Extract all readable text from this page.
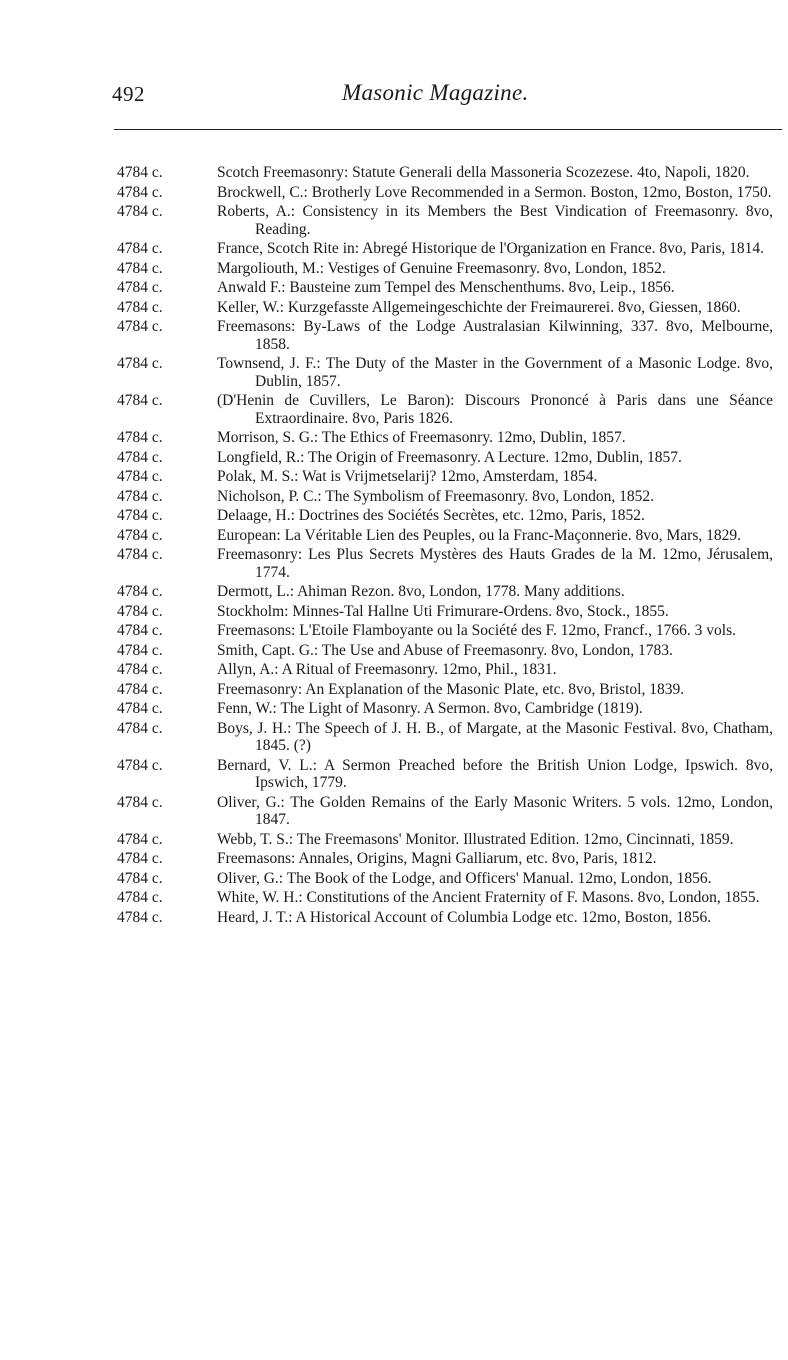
492	Masonic Magazine.
4784 c.	Scotch Freemasonry: Statute Generali della Massoneria Scozezese. 4to, Napoli, 1820.
4784 c.	Brockwell, C.: Brotherly Love Recommended in a Sermon. Boston, 12mo, Boston, 1750.
4784 c.	Roberts, A.: Consistency in its Members the Best Vindication of Freemasonry. 8vo, Reading.
4784 c.	France, Scotch Rite in: Abregé Historique de l'Organization en France. 8vo, Paris, 1814.
4784 c.	Margoliouth, M.: Vestiges of Genuine Freemasonry. 8vo, London, 1852.
4784 c.	Anwald F.: Bausteine zum Tempel des Menschenthums. 8vo, Leip., 1856.
4784 c.	Keller, W.: Kurzgefasste Allgemeingeschichte der Freimaurerei. 8vo, Giessen, 1860.
4784 c.	Freemasons: By-Laws of the Lodge Australasian Kilwinning, 337. 8vo, Melbourne, 1858.
4784 c.	Townsend, J. F.: The Duty of the Master in the Government of a Masonic Lodge. 8vo, Dublin, 1857.
4784 c.	(D'Henin de Cuvillers, Le Baron): Discours Prononcé à Paris dans une Séance Extraordinaire. 8vo, Paris 1826.
4784 c.	Morrison, S. G.: The Ethics of Freemasonry. 12mo, Dublin, 1857.
4784 c.	Longfield, R.: The Origin of Freemasonry. A Lecture. 12mo, Dublin, 1857.
4784 c.	Polak, M. S.: Wat is Vrijmetselarij? 12mo, Amsterdam, 1854.
4784 c.	Nicholson, P. C.: The Symbolism of Freemasonry. 8vo, London, 1852.
4784 c.	Delaage, H.: Doctrines des Sociétés Secrètes, etc. 12mo, Paris, 1852.
4784 c.	European: La Véritable Lien des Peuples, ou la Franc-Maçonnerie. 8vo, Mars, 1829.
4784 c.	Freemasonry: Les Plus Secrets Mystères des Hauts Grades de la M. 12mo, Jérusalem, 1774.
4784 c.	Dermott, L.: Ahiman Rezon. 8vo, London, 1778. Many additions.
4784 c.	Stockholm: Minnes-Tal Hallne Uti Frimurare-Ordens. 8vo, Stock., 1855.
4784 c.	Freemasons: L'Etoile Flamboyante ou la Société des F. 12mo, Francf., 1766. 3 vols.
4784 c.	Smith, Capt. G.: The Use and Abuse of Freemasonry. 8vo, London, 1783.
4784 c.	Allyn, A.: A Ritual of Freemasonry. 12mo, Phil., 1831.
4784 c.	Freemasonry: An Explanation of the Masonic Plate, etc. 8vo, Bristol, 1839.
4784 c.	Fenn, W.: The Light of Masonry. A Sermon. 8vo, Cambridge (1819).
4784 c.	Boys, J. H.: The Speech of J. H. B., of Margate, at the Masonic Festival. 8vo, Chatham, 1845. (?)
4784 c.	Bernard, V. L.: A Sermon Preached before the British Union Lodge, Ipswich. 8vo, Ipswich, 1779.
4784 c.	Oliver, G.: The Golden Remains of the Early Masonic Writers. 5 vols. 12mo, London, 1847.
4784 c.	Webb, T. S.: The Freemasons' Monitor. Illustrated Edition. 12mo, Cincinnati, 1859.
4784 c.	Freemasons: Annales, Origins, Magni Galliarum, etc. 8vo, Paris, 1812.
4784 c.	Oliver, G.: The Book of the Lodge, and Officers' Manual. 12mo, London, 1856.
4784 c.	White, W. H.: Constitutions of the Ancient Fraternity of F. Masons. 8vo, London, 1855.
4784 c.	Heard, J. T.: A Historical Account of Columbia Lodge etc. 12mo, Boston, 1856.
